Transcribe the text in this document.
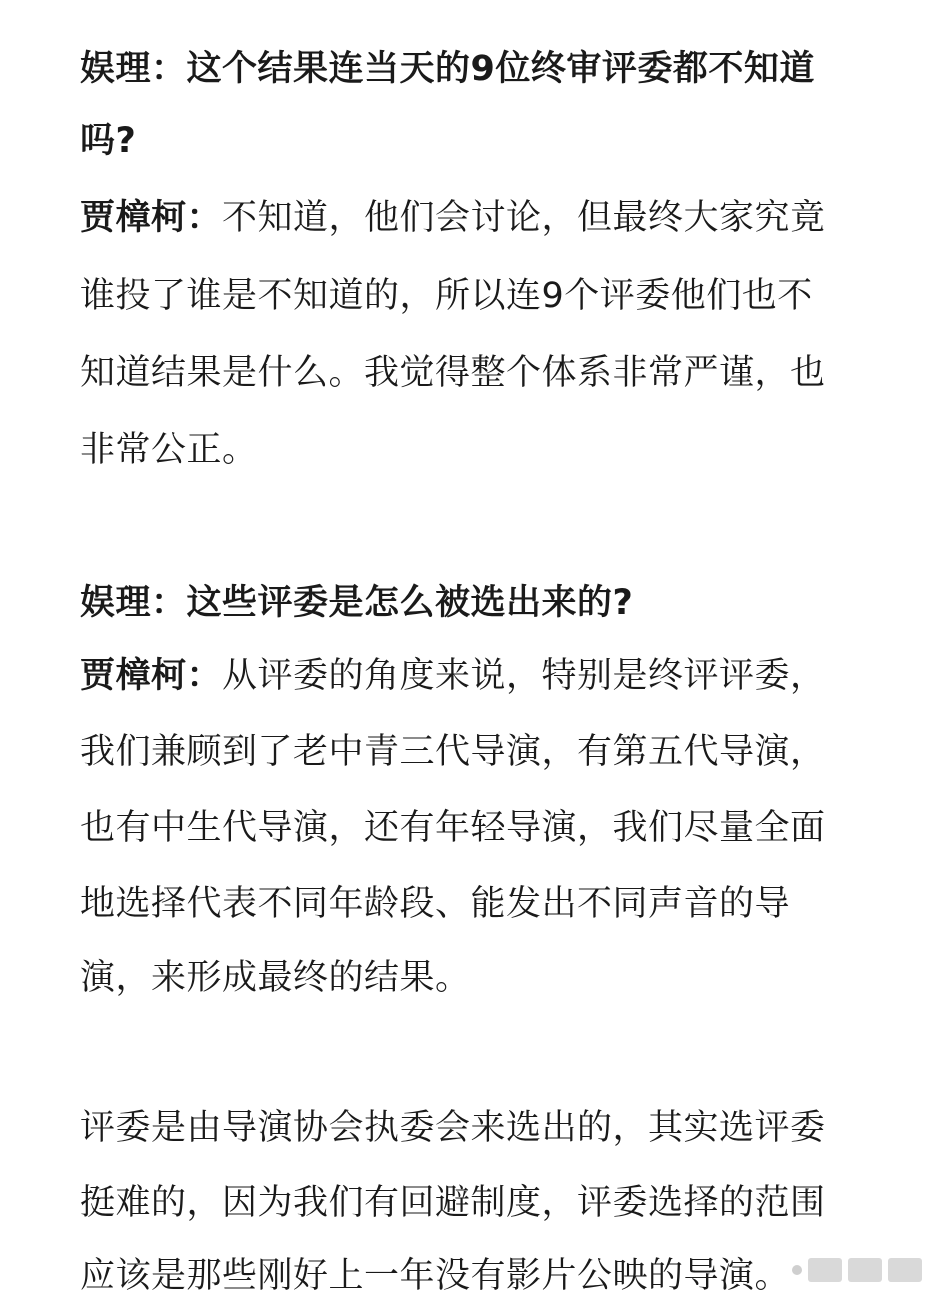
娱理：这个结果连当天的9位终审评委都不知道
吗?
贾樟柯：不知道，他们会讨论，但最终大家究竟
谁投了谁是不知道的，所以连9个评委他们也不
知道结果是什么。我觉得整个体系非常严谨，也
非常公正。
娱理：这些评委是怎么被选出来的?
贾樟柯：从评委的角度来说，特别是终评评委，
我们兼顾到了老中青三代导演，有第五代导演，
也有中生代导演，还有年轻导演，我们尽量全面
地选择代表不同年龄段、能发出不同声音的导
演，来形成最终的结果。
评委是由导演协会执委会来选出的，其实选评委
挺难的，因为我们有回避制度，评委选择的范围
应该是那些刚好上一年没有影片公映的导演。
